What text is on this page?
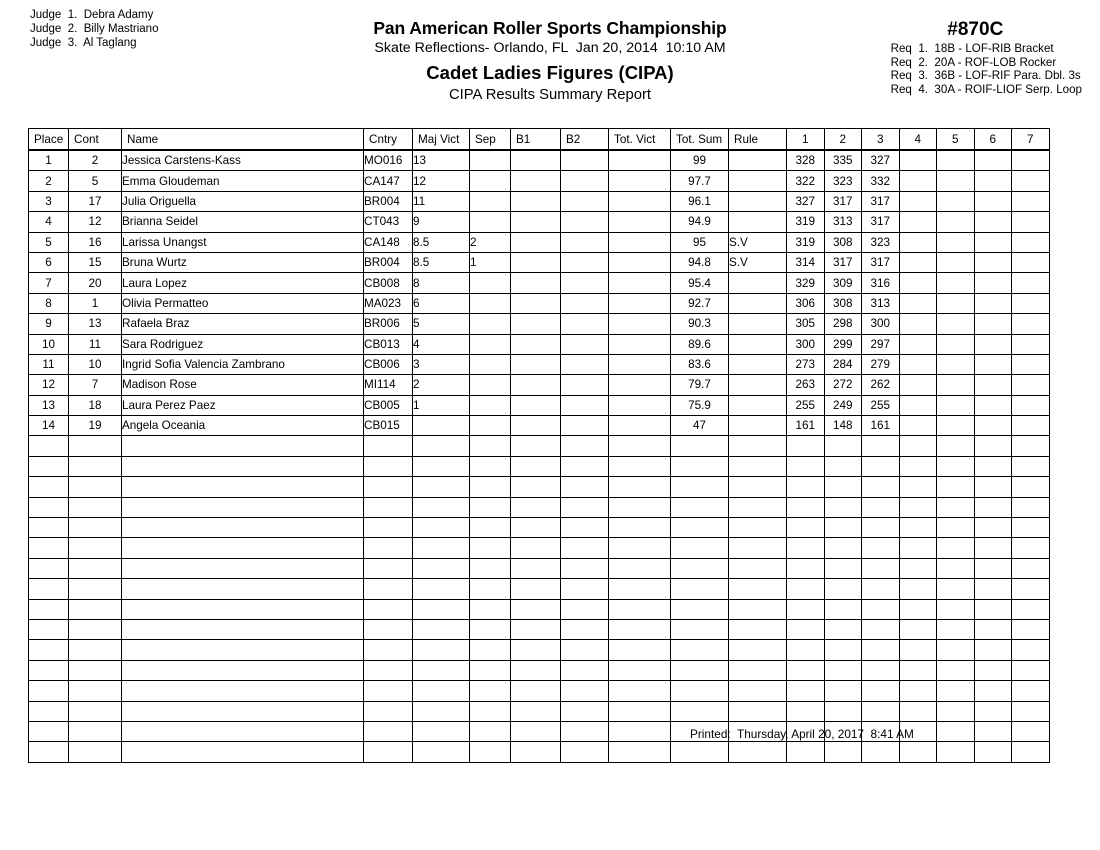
Judge  1.  Debra Adamy
Judge  2.  Billy Mastriano
Judge  3.  Al Taglang
Pan American Roller Sports Championship
Skate Reflections- Orlando, FL  Jan 20, 2014  10:10 AM
Cadet Ladies Figures (CIPA)
CIPA Results Summary Report
#870C
Req  1.  18B - LOF-RIB Bracket
Req  2.  20A - ROF-LOB Rocker
Req  3.  36B - LOF-RIF Para. Dbl. 3s
Req  4.  30A - ROIF-LIOF Serp. Loop
Place	Cont	Name	Cntry	Maj Vict	Sep	B1	B2	Tot. Vict	Tot. Sum	Rule	1	2	3	4	5	6	7
1	2	Jessica Carstens-Kass	MO016	13					99		328	335	327				
2	5	Emma Gloudeman	CA147	12					97.7		322	323	332				
3	17	Julia Origuella	BR004	11					96.1		327	317	317				
4	12	Brianna Seidel	CT043	9					94.9		319	313	317				
5	16	Larissa Unangst	CA148	8.5	2				95	S.V	319	308	323				
6	15	Bruna Wurtz	BR004	8.5	1				94.8	S.V	314	317	317				
7	20	Laura Lopez	CB008	8					95.4		329	309	316				
8	1	Olivia Permatteo	MA023	6					92.7		306	308	313				
9	13	Rafaela Braz	BR006	5					90.3		305	298	300				
10	11	Sara Rodriguez	CB013	4					89.6		300	299	297				
11	10	Ingrid Sofia Valencia Zambrano	CB006	3					83.6		273	284	279				
12	7	Madison Rose	MI114	2					79.7		263	272	262				
13	18	Laura Perez Paez	CB005	1					75.9		255	249	255				
14	19	Angela Oceania	CB015						47		161	148	161				

Printed:  Thursday, April 20, 2017  8:41 AM
